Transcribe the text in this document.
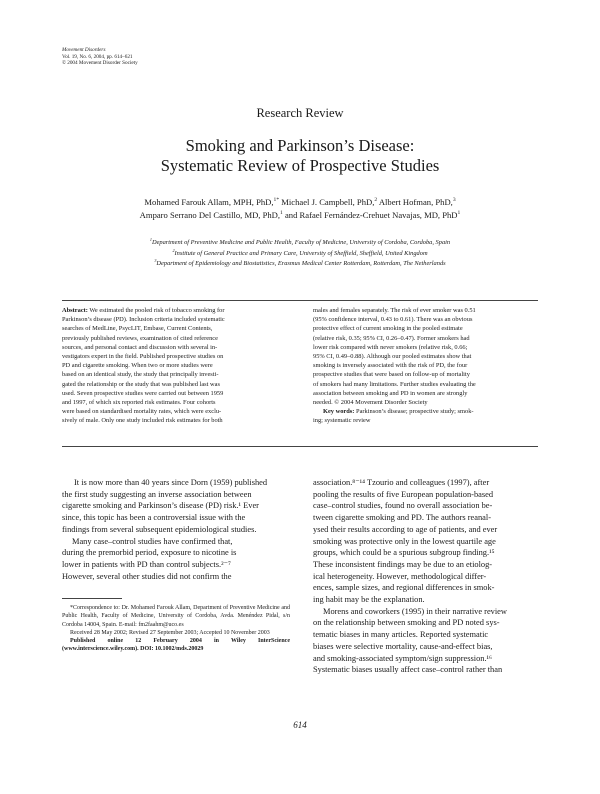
Movement Disorders
Vol. 19, No. 6, 2004, pp. 614–621
© 2004 Movement Disorder Society
Research Review
Smoking and Parkinson’s Disease:
Systematic Review of Prospective Studies
Mohamed Farouk Allam, MPH, PhD,$^{1*}$ Michael J. Campbell, PhD,$^2$ Albert Hofman, PhD,$^3$
Amparo Serrano Del Castillo, MD, PhD,$^1$ and Rafael Fernández-Crehuet Navajas, MD, PhD$^1$
$^1$Department of Preventive Medicine and Public Health, Faculty of Medicine, University of Cordoba, Cordoba, Spain
$^2$Institute of General Practice and Primary Care, University of Sheffield, Sheffield, United Kingdom
$^3$Department of Epidemiology and Biostatistics, Erasmus Medical Center Rotterdam, Rotterdam, The Netherlands
Abstract: We estimated the pooled risk of tobacco smoking for
Parkinson’s disease (PD). Inclusion criteria included systematic
searches of MedLine, PsycLIT, Embase, Current Contents,
previously published reviews, examination of cited reference
sources, and personal contact and discussion with several in-
vestigators expert in the field. Published prospective studies on
PD and cigarette smoking. When two or more studies were
based on an identical study, the study that principally investi-
gated the relationship or the study that was published last was
used. Seven prospective studies were carried out between 1959
and 1997, of which six reported risk estimates. Four cohorts
were based on standardised mortality rates, which were exclu-
sively of male. Only one study included risk estimates for both
males and females separately. The risk of ever smoker was 0.51
(95% confidence interval, 0.43 to 0.61). There was an obvious
protective effect of current smoking in the pooled estimate
(relative risk, 0.35; 95% CI, 0.26–0.47). Former smokers had
lower risk compared with never smokers (relative risk, 0.66;
95% CI, 0.49–0.88). Although our pooled estimates show that
smoking is inversely associated with the risk of PD, the four
prospective studies that were based on follow-up of mortality
of smokers had many limitations. Further studies evaluating the
association between smoking and PD in women are strongly
needed. © 2004 Movement Disorder Society
Key words: Parkinson’s disease; prospective study; smok-
ing; systematic review
It is now more than 40 years since Dorn (1959) published
the first study suggesting an inverse association between
cigarette smoking and Parkinson’s disease (PD) risk.¹ Ever
since, this topic has been a controversial issue with the
findings from several subsequent epidemiological studies.
Many case–control studies have confirmed that,
during the premorbid period, exposure to nicotine is
lower in patients with PD than control subjects.²⁻⁷
However, several other studies did not confirm the
association.⁸⁻¹⁴ Tzourio and colleagues (1997), after
pooling the results of five European population-based
case–control studies, found no overall association be-
tween cigarette smoking and PD. The authors reanal-
ysed their results according to age of patients, and ever
smoking was protective only in the lowest quartile age
groups, which could be a spurious subgroup finding.¹⁵
These inconsistent findings may be due to an etiolog-
ical heterogeneity. However, methodological differ-
ences, sample sizes, and regional differences in smok-
ing habit may be the explanation.
Morens and coworkers (1995) in their narrative review
on the relationship between smoking and PD noted sys-
tematic biases in many articles. Reported systematic
biases were selective mortality, cause-and-effect bias,
and smoking-associated symptom/sign suppression.¹⁶
Systematic biases usually affect case–control rather than

*Correspondence to: Dr. Mohamed Farouk Allam, Department of Preventive Medicine and Public Health, Faculty of Medicine, University of Cordoba, Avda. Menéndez Pidal, s/n Cordoba 14004, Spain. E-mail: fm2faahm@uco.es

Received 28 May 2002; Revised 27 September 2003; Accepted 10 November 2003

Published online 12 February 2004 in Wiley InterScience (www.interscience.wiley.com). DOI: 10.1002/mds.20029

614
